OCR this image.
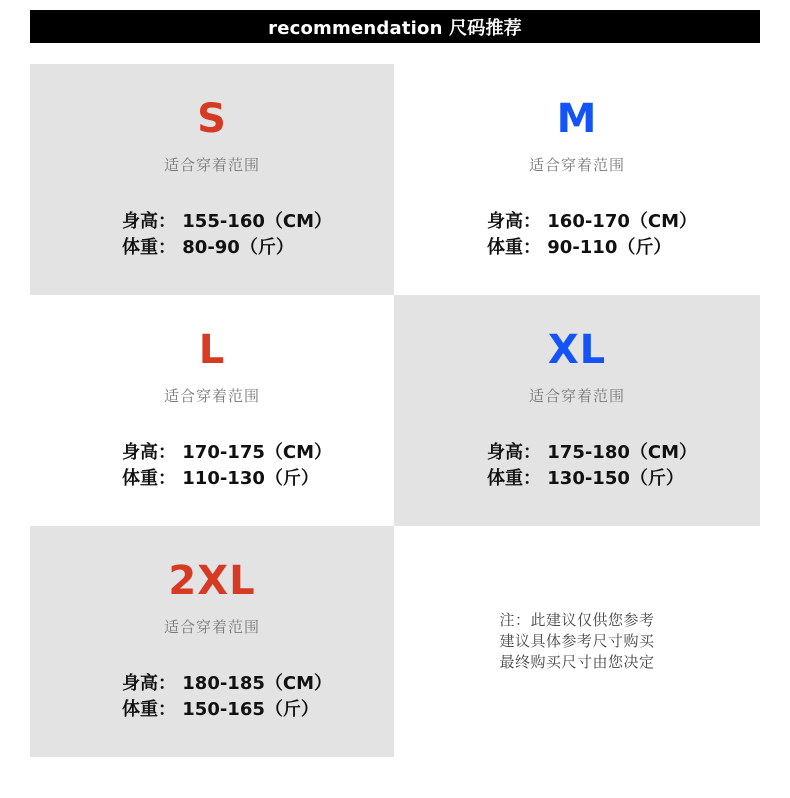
recommendation 尺码推荐
S
适合穿着范围
身高： 155-160（CM）
体重： 80-90（斤）
M
适合穿着范围
身高： 160-170（CM）
体重： 90-110（斤）
L
适合穿着范围
身高： 170-175（CM）
体重： 110-130（斤）
XL
适合穿着范围
身高： 175-180（CM）
体重： 130-150（斤）
2XL
适合穿着范围
身高： 180-185（CM）
体重： 150-165（斤）
注：此建议仅供您参考
建议具体参考尺寸购买
最终购买尺寸由您决定
